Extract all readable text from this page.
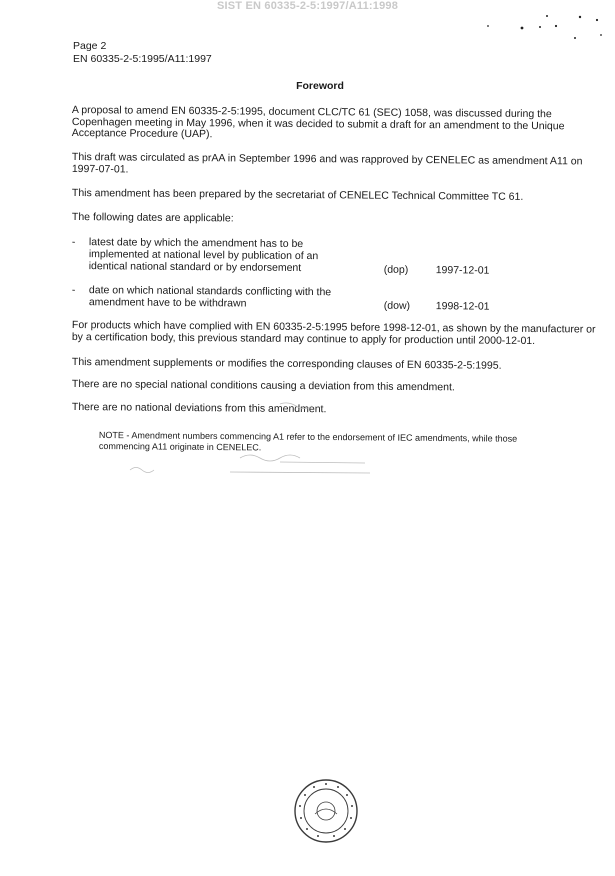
SIST EN 60335-2-5:1997/A11:1998
Page 2
EN 60335-2-5:1995/A11:1997
Foreword
A proposal to amend EN 60335-2-5:1995, document CLC/TC 61 (SEC) 1058, was discussed during the Copenhagen meeting in May 1996, when it was decided to submit a draft for an amendment to the Unique Acceptance Procedure (UAP).
This draft was circulated as prAA in September 1996 and was rapproved by CENELEC as amendment A11 on 1997-07-01.
This amendment has been prepared by the secretariat of CENELEC Technical Committee TC 61.
The following dates are applicable:
- latest date by which the amendment has to be implemented at national level by publication of an identical national standard or by endorsement	(dop)	1997-12-01
- date on which national standards conflicting with the amendment have to be withdrawn	(dow) 1998-12-01
For products which have complied with EN 60335-2-5:1995 before 1998-12-01, as shown by the manufacturer or by a certification body, this previous standard may continue to apply for production until 2000-12-01.
This amendment supplements or modifies the corresponding clauses of EN 60335-2-5:1995.
There are no special national conditions causing a deviation from this amendment.
There are no national deviations from this amendment.
NOTE - Amendment numbers commencing A1 refer to the endorsement of IEC amendments, while those commencing A11 originate in CENELEC.
